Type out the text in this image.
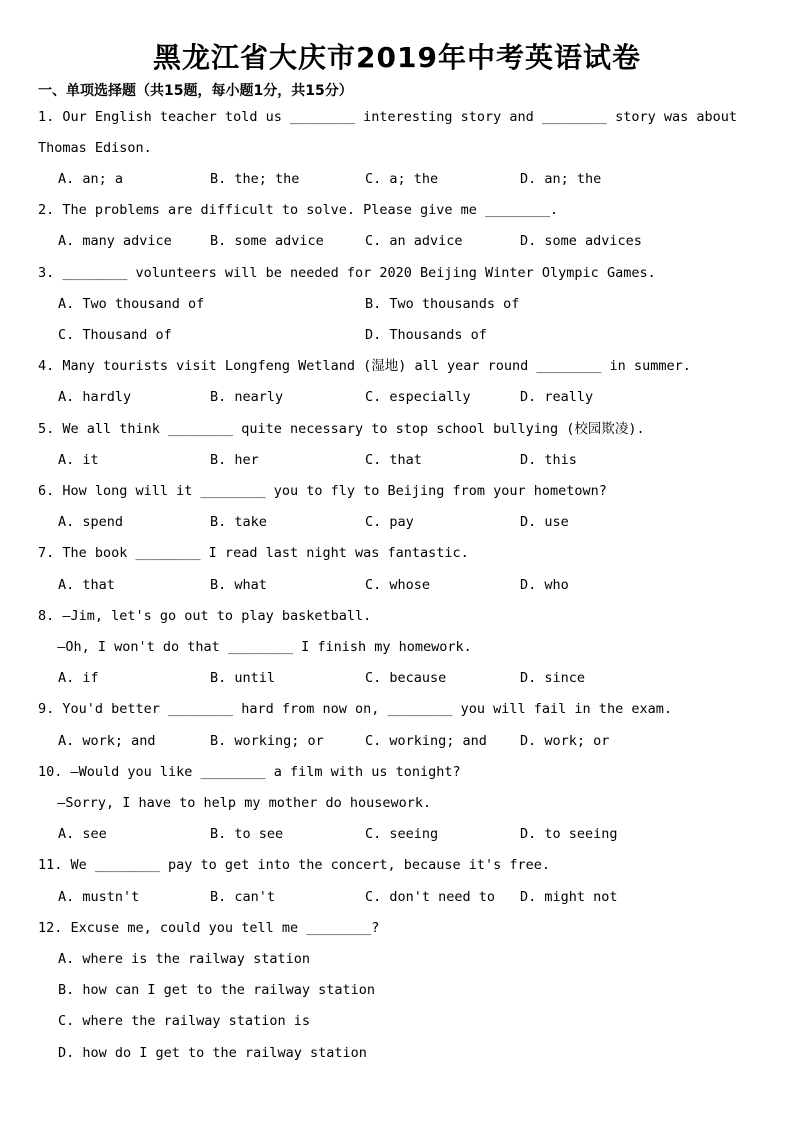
黑龙江省大庆市2019年中考英语试卷
一、单项选择题（共15题，每小题1分，共15分）
1. Our English teacher told us ________ interesting story and ________ story was about
Thomas Edison.
A. an; a	B. the; the	C. a; the	D. an; the
2. The problems are difficult to solve. Please give me ________.
A. many advice	B. some advice	C. an advice	D. some advices
3. ________ volunteers will be needed for 2020 Beijing Winter Olympic Games.
A. Two thousand of	B. Two thousands of
C. Thousand of	D. Thousands of
4. Many tourists visit Longfeng Wetland (湿地) all year round ________ in summer.
A. hardly	B. nearly	C. especially	D. really
5. We all think ________ quite necessary to stop school bullying (校园欺凌).
A. it	B. her	C. that	D. this
6. How long will it ________ you to fly to Beijing from your hometown?
A. spend	B. take	C. pay	D. use
7. The book ________ I read last night was fantastic.
A. that	B. what	C. whose	D. who
8. —Jim, let's go out to play basketball.
—Oh, I won't do that ________ I finish my homework.
A. if	B. until	C. because	D. since
9. You'd better ________ hard from now on, ________ you will fail in the exam.
A. work; and	B. working; or	C. working; and D. work; or
10. —Would you like ________ a film with us tonight?
—Sorry, I have to help my mother do housework.
A. see	B. to see	C. seeing	D. to seeing
11. We ________ pay to get into the concert, because it's free.
A. mustn't	B. can't	C. don't need to D. might not
12. Excuse me, could you tell me ________?
A. where is the railway station
B. how can I get to the railway station
C. where the railway station is
D. how do I get to the railway station
